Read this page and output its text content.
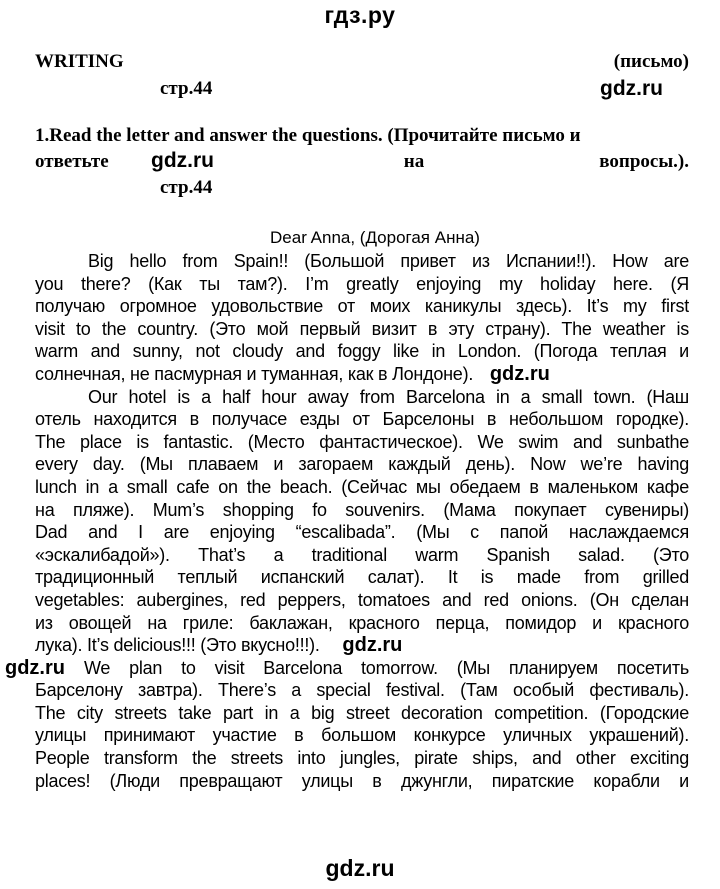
гдз.ру
WRITING	(письмо)
стр.44	gdz.ru
1.Read the letter and answer the questions. (Прочитайте письмо и
ответьте	на	вопросы.).
gdz.ru
стр.44
Dear Anna, (Дорогая Анна)
Big hello from Spain!! (Большой привет из Испании!!). How are
you there? (Как ты там?). I’m greatly enjoying my holiday here. (Я
получаю огромное удовольствие от моих каникулы здесь). It’s my first
visit to the country. (Это мой первый визит в эту страну). The weather is
warm and sunny, not cloudy and foggy like in London. (Погода теплая и
солнечная, не пасмурная и туманная, как в Лондоне). gdz.ru
Our hotel is a half hour away from Barcelona in a small town. (Наш
отель находится в получасе езды от Барселоны в небольшом городке).
The place is fantastic. (Место фантастическое). We swim and sunbathe
every day. (Мы плаваем и загораем каждый день). Now we’re having
lunch in a small cafe on the beach. (Сейчас мы обедаем в маленьком кафе
на пляже). Mum’s shopping fo souvenirs. (Мама покупает сувениры)
Dad and I are enjoying “escalibada”. (Мы с папой наслаждаемся
«эскалибадой»). That’s a traditional warm Spanish salad. (Это
традиционный теплый испанский салат). It is made from grilled
vegetables: aubergines, red peppers, tomatoes and red onions. (Он сделан
из овощей на гриле: баклажан, красного перца, помидор и красного
лука). It’s delicious!!! (Это вкусно!!!). gdz.ru
gdz.ru We plan to visit Barcelona tomorrow. (Мы планируем посетить
Барселону завтра). There’s a special festival. (Там особый фестиваль).
The city streets take part in a big street decoration competition. (Городские
улицы принимают участие в большом конкурсе уличных украшений).
People transform the streets into jungles, pirate ships, and other exciting
places! (Люди превращают улицы в джунгли, пиратские корабли и
gdz.ru
